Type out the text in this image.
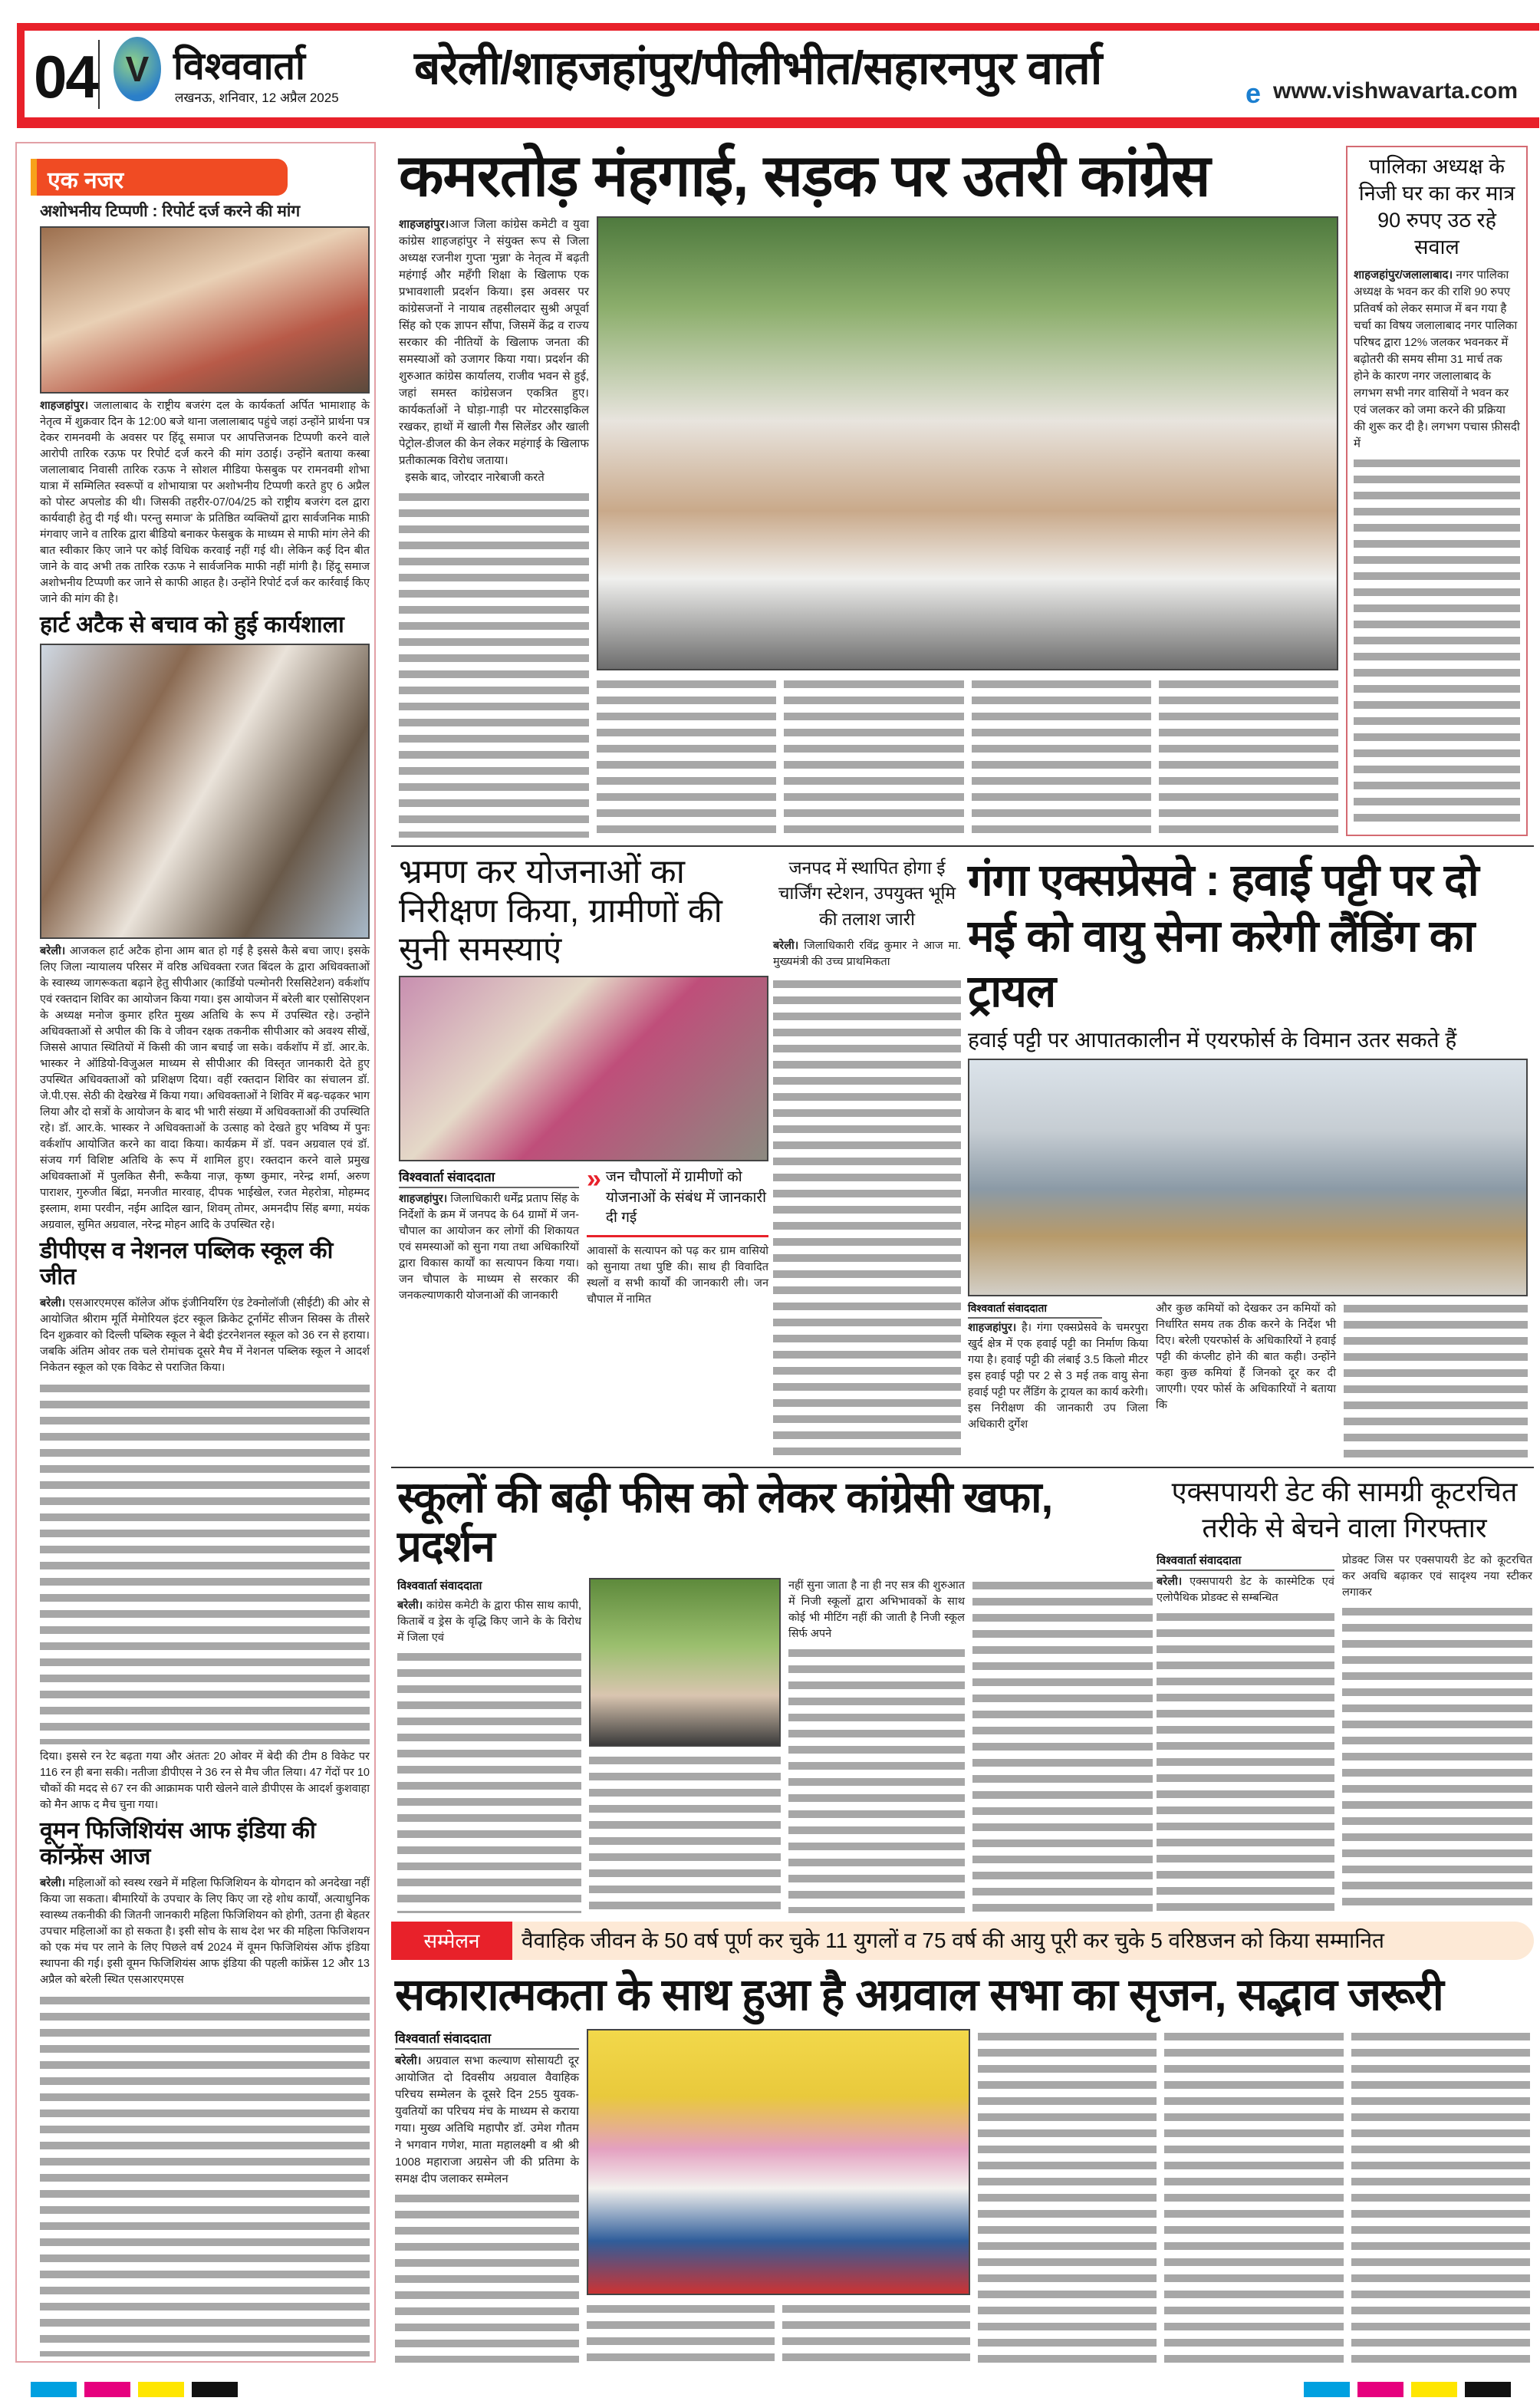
04 V विश्ववार्ता
लखनऊ, शनिवार, 12 अप्रैल 2025
बरेली/शाहजहांपुर/पीलीभीत/सहारनपुर वार्ता	e www.vishwavarta.com
एक नजर
अशोभनीय टिप्पणी : रिपोर्ट दर्ज करने की मांग
शाहजहांपुर। जलालाबाद के राष्ट्रीय बजरंग दल के कार्यकर्ता अर्पित भामाशाह के नेतृत्व में शुक्रवार दिन के 12:00 बजे थाना जलालाबाद पहुंचे जहां उन्होंने प्रार्थना पत्र देकर रामनवमी के अवसर पर हिंदू समाज पर आपत्तिजनक टिप्पणी करने वाले आरोपी तारिक रऊफ पर रिपोर्ट दर्ज करने की मांग उठाई। उन्होंने बताया कस्बा जलालाबाद निवासी तारिक रऊफ ने सोशल मीडिया फेसबुक पर रामनवमी शोभा यात्रा में सम्मिलित स्वरूपों व शोभायात्रा पर अशोभनीय टिप्पणी करते हुए 6 अप्रैल को पोस्ट अपलोड की थी। जिसकी तहरीर-07/04/25 को राष्ट्रीय बजरंग दल द्वारा कार्यवाही हेतु दी गई थी। परन्तु समाज' के प्रतिष्ठित व्यक्तियों द्वारा सार्वजनिक माफ़ी मंगवाए जाने व तारिक द्वारा बीडियो बनाकर फेसबुक के माध्यम से माफी मांग लेने की बात स्वीकार किए जाने पर कोई विधिक करवाई नहीं गई थी। लेकिन कई दिन बीत जाने के वाद अभी तक तारिक रऊफ ने सार्वजनिक माफी नहीं मांगी है। हिंदू समाज अशोभनीय टिप्पणी कर जाने से काफी आहत है। उन्होंने रिपोर्ट दर्ज कर कार्रवाई किए जाने की मांग की है।
हार्ट अटैक से बचाव को हुई कार्यशाला
बरेली। आजकल हार्ट अटैक होना आम बात हो गई है इससे कैसे बचा जाए। इसके लिए जिला न्यायालय परिसर में वरिष्ठ अधिवक्ता रजत बिंदल के द्वारा अधिवक्ताओं के स्वास्थ्य जागरूकता बढ़ाने हेतु सीपीआर (कार्डियो पल्मोनरी रिससिटेशन) वर्कशॉप एवं रक्तदान शिविर का आयोजन किया गया। इस आयोजन में बरेली बार एसोसिएशन के अध्यक्ष मनोज कुमार हरित मुख्य अतिथि के रूप में उपस्थित रहे। उन्होंने अधिवक्ताओं से अपील की कि वे जीवन रक्षक तकनीक सीपीआर को अवश्य सीखें, जिससे आपात स्थितियों में किसी की जान बचाई जा सके। वर्कशॉप में डॉ. आर.के. भास्कर ने ऑडियो-विजुअल माध्यम से सीपीआर की विस्तृत जानकारी देते हुए उपस्थित अधिवक्ताओं को प्रशिक्षण दिया। वहीं रक्तदान शिविर का संचालन डॉ. जे.पी.एस. सेठी की देखरेख में किया गया। अधिवक्ताओं ने शिविर में बढ़-चढ़कर भाग लिया और दो सत्रों के आयोजन के बाद भी भारी संख्या में अधिवक्ताओं की उपस्थिति रहे। डॉ. आर.के. भास्कर ने अधिवक्ताओं के उत्साह को देखते हुए भविष्य में पुनः वर्कशॉप आयोजित करने का वादा किया। कार्यक्रम में डॉ. पवन अग्रवाल एवं डॉ. संजय गर्ग विशिष्ट अतिथि के रूप में शामिल हुए। रक्तदान करने वाले प्रमुख अधिवक्ताओं में पुलकित सैनी, रूकैया नाज़, कृष्ण कुमार, नरेन्द्र शर्मा, अरुण पाराशर, गुरुजीत बिंद्रा, मनजीत मारवाह, दीपक भाईखेल, रजत मेहरोत्रा, मोहम्मद इस्लाम, शमा परवीन, नईम आदिल खान, शिवम् तोमर, अमनदीप सिंह बग्गा, मयंक अग्रवाल, सुमित अग्रवाल, नरेन्द्र मोहन आदि के उपस्थित रहे।
डीपीएस व नेशनल पब्लिक स्कूल की जीत
बरेली। एसआरएमएस कॉलेज ऑफ इंजीनियरिंग एंड टेक्नोलॉजी (सीईटी) की ओर से आयोजित श्रीराम मूर्ति मेमोरियल इंटर स्कूल क्रिकेट टूर्नामेंट सीजन सिक्स के तीसरे दिन शुक्रवार को दिल्ली पब्लिक स्कूल ने बेदी इंटरनेशनल स्कूल को 36 रन से हराया। जबकि अंतिम ओवर तक चले रोमांचक दूसरे मैच में नेशनल पब्लिक स्कूल ने आदर्श निकेतन स्कूल को एक विकेट से पराजित किया।
दिया। इससे रन रेट बढ़ता गया और अंततः 20 ओवर में बेदी की टीम 8 विकेट पर 116 रन ही बना सकी। नतीजा डीपीएस ने 36 रन से मैच जीत लिया। 47 गेंदों पर 10 चौकों की मदद से 67 रन की आक्रामक पारी खेलने वाले डीपीएस के आदर्श कुशवाहा को मैन आफ द मैच चुना गया।
वूमन फिजिशियंस आफ इंडिया की कॉन्फ्रेंस आज
बरेली। महिलाओं को स्वस्थ रखने में महिला फिजिशियन के योगदान को अनदेखा नहीं किया जा सकता। बीमारियों के उपचार के लिए किए जा रहे शोध कार्यों, अत्याधुनिक स्वास्थ्य तकनीकी की जितनी जानकारी महिला फिजिशियन को होगी, उतना ही बेहतर उपचार महिलाओं का हो सकता है। इसी सोच के साथ देश भर की महिला फिजिशयन को एक मंच पर लाने के लिए पिछले वर्ष 2024 में वूमन फिजिशियंस ऑफ इंडिया स्थापना की गई। इसी वूमन फिजिशियंस आफ इंडिया की पहली कांफ्रेंस 12 और 13 अप्रैल को बरेली स्थित एसआरएमएस
कमरतोड़ मंहगाई, सड़क पर उतरी कांग्रेस
शाहजहांपुर।आज जिला कांग्रेस कमेटी व युवा कांग्रेस शाहजहांपुर ने संयुक्त रूप से जिला अध्यक्ष रजनीश गुप्ता 'मुन्ना' के नेतृत्व में बढ़ती महंगाई और महँगी शिक्षा के खिलाफ एक प्रभावशाली प्रदर्शन किया। इस अवसर पर कांग्रेसजनों ने नायाब तहसीलदार सुश्री अपूर्वा सिंह को एक ज्ञापन सौंपा, जिसमें केंद्र व राज्य सरकार की नीतियों के खिलाफ जनता की समस्याओं को उजागर किया गया। प्रदर्शन की शुरुआत कांग्रेस कार्यालय, राजीव भवन से हुई, जहां समस्त कांग्रेसजन एकत्रित हुए। कार्यकर्ताओं ने घोड़ा-गाड़ी पर मोटरसाइकिल रखकर, हाथों में खाली गैस सिलेंडर और खाली पेट्रोल-डीजल की केन लेकर महंगाई के खिलाफ प्रतीकात्मक विरोध जताया।
इसके बाद, जोरदार नारेबाजी करते
पालिका अध्यक्ष के निजी घर का कर मात्र 90 रुपए उठ रहे सवाल
शाहजहांपुर/जलालाबाद। नगर पालिका अध्यक्ष के भवन कर की राशि 90 रुपए प्रतिवर्ष को लेकर समाज में बन गया है चर्चा का विषय जलालाबाद नगर पालिका परिषद द्वारा 12% जलकर भवनकर में बढ़ोतरी की समय सीमा 31 मार्च तक होने के कारण नगर जलालाबाद के लगभग सभी नगर वासियों ने भवन कर एवं जलकर को जमा करने की प्रक्रिया की शुरू कर दी है। लगभग पचास फ़ीसदी में
भ्रमण कर योजनाओं का निरीक्षण किया, ग्रामीणों की सुनी समस्याएं
विश्ववार्ता संवाददाता
शाहजहांपुर। जिलाधिकारी धर्मेंद्र प्रताप सिंह के निर्देशों के क्रम में जनपद के 64 ग्रामों में जन-चौपाल का आयोजन कर लोगों की शिकायत एवं समस्याओं को सुना गया तथा अधिकारियों द्वारा विकास कार्यों का सत्यापन किया गया। जन चौपाल के माध्यम से सरकार की जनकल्याणकारी योजनाओं की जानकारी
» जन चौपालों में ग्रामीणों को योजनाओं के संबंध में जानकारी दी गई
आवासों के सत्यापन को पढ़ कर ग्राम वासियो को सुनाया तथा पुष्टि की। साथ ही विवादित स्थलों व सभी कार्यों की जानकारी ली। जन चौपाल में नामित
जनपद में स्थापित होगा ई चार्जिंग स्टेशन, उपयुक्त भूमि की तलाश जारी
बरेली। जिलाधिकारी रविंद्र कुमार ने आज मा. मुख्यमंत्री की उच्च प्राथमिकता
गंगा एक्सप्रेसवे : हवाई पट्टी पर दो मई को वायु सेना करेगी लैंडिंग का ट्रायल
हवाई पट्टी पर आपातकालीन में एयरफोर्स के विमान उतर सकते हैं
विश्ववार्ता संवाददाता
शाहजहांपुर। है। गंगा एक्सप्रेसवे के चमरपुरा खुर्द क्षेत्र में एक हवाई पट्टी का निर्माण किया गया है। हवाई पट्टी की लंबाई 3.5 किलो मीटर इस हवाई पट्टी पर 2 से 3 मई तक वायु सेना हवाई पट्टी पर लैंडिंग के ट्रायल का कार्य करेगी। इस निरीक्षण की जानकारी उप जिला अधिकारी दुर्गेश
और कुछ कमियों को देखकर उन कमियों को निर्धारित समय तक ठीक करने के निर्देश भी दिए। बरेली एयरफोर्स के अधिकारियों ने हवाई पट्टी की कंप्लीट होने की बात कही। उन्होंने कहा कुछ कमियां हैं जिनको दूर कर दी जाएगी। एयर फोर्स के अधिकारियों ने बताया कि
स्कूलों की बढ़ी फीस को लेकर कांग्रेसी खफा, प्रदर्शन
विश्ववार्ता संवाददाता
बरेली। कांग्रेस कमेटी के द्वारा फीस साथ कापी, किताबें व ड्रेस के वृद्धि किए जाने के के विरोध में जिला एवं
नहीं सुना जाता है ना ही नए सत्र की शुरुआत में निजी स्कूलों द्वारा अभिभावकों के साथ कोई भी मीटिंग नहीं की जाती है निजी स्कूल सिर्फ अपने
एक्सपायरी डेट की सामग्री कूटरचित तरीके से बेचने वाला गिरफ्तार
विश्ववार्ता संवाददाता
बरेली। एक्सपायरी डेट के कास्मेटिक एवं एलोपैथिक प्रोडक्ट से सम्बन्धित
प्रोडक्ट जिस पर एक्सपायरी डेट को कूटरचित कर अवधि बढ़ाकर एवं सादृश्य नया स्टीकर लगाकर
सम्मेलन	वैवाहिक जीवन के 50 वर्ष पूर्ण कर चुके 11 युगलों व 75 वर्ष की आयु पूरी कर चुके 5 वरिष्ठजन को किया सम्मानित
सकारात्मकता के साथ हुआ है अग्रवाल सभा का सृजन, सद्भाव जरूरी
विश्ववार्ता संवाददाता
बरेली। अग्रवाल सभा कल्याण सोसायटी दूर आयोजित दो दिवसीय अग्रवाल वैवाहिक परिचय सम्मेलन के दूसरे दिन 255 युवक-युवतियों का परिचय मंच के माध्यम से कराया गया। मुख्य अतिथि महापौर डॉ. उमेश गौतम ने भगवान गणेश, माता महालक्ष्मी व श्री श्री 1008 महाराजा अग्रसेन जी की प्रतिमा के समक्ष दीप जलाकर सम्मेलन
